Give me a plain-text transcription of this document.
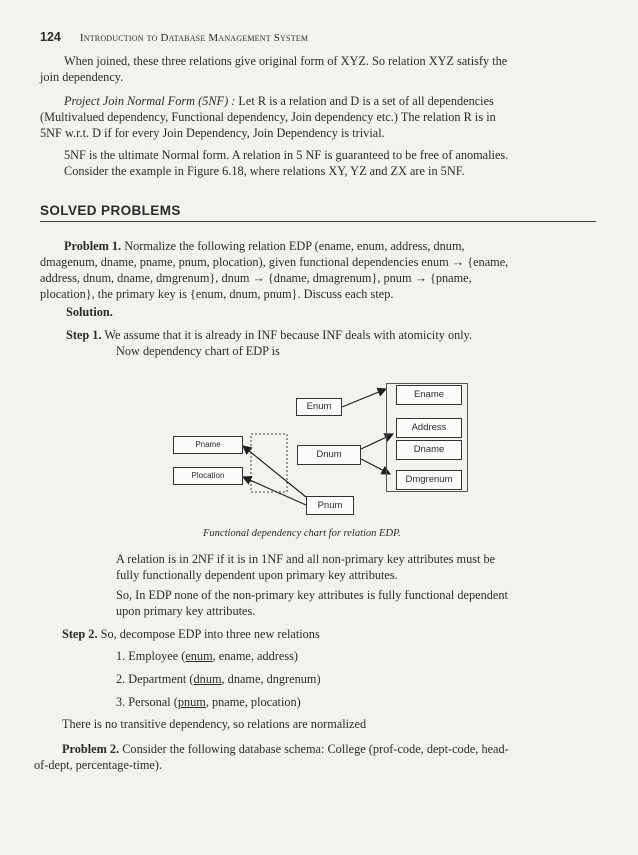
124 Introduction to Database Management System
When joined, these three relations give original form of XYZ. So relation XYZ satisfy the
join dependency.
Project Join Normal Form (5NF) : Let R is a relation and D is a set of all dependencies
(Multivalued dependency, Functional dependency, Join dependency etc.) The relation R is in
5NF w.r.t. D if for every Join Dependency, Join Dependency is trivial.
5NF is the ultimate Normal form. A relation in 5 NF is guaranteed to be free of anomalies.
Consider the example in Figure 6.18, where relations XY, YZ and ZX are in 5NF.
SOLVED PROBLEMS
Problem 1. Normalize the following relation EDP (ename, enum, address, dnum,
dmagenum, dname, pname, pnum, plocation), given functional dependencies enum → {ename,
address, dnum, dname, dmgrenum}, dnum → {dname, dmagrenum}, pnum → {pname,
plocation}, the primary key is {enum, dnum, pnum}. Discuss each step.
Solution.
Step 1. We assume that it is already in INF because INF deals with atomicity only.
Now dependency chart of EDP is
Enum
Dnum
Pnum
Pname
Plocation
Ename
Address
Dname
Dmgrenum
Functional dependency chart for relation EDP.
A relation is in 2NF if it is in 1NF and all non-primary key attributes must be
fully functionally dependent upon primary key attributes.
So, In EDP none of the non-primary key attributes is fully functional dependent
upon primary key attributes.
Step 2. So, decompose EDP into three new relations
1. Employee (enum, ename, address)
2. Department (dnum, dname, dngrenum)
3. Personal (pnum, pname, plocation)
There is no transitive dependency, so relations are normalized
Problem 2. Consider the following database schema: College (prof-code, dept-code, head-
of-dept, percentage-time).
